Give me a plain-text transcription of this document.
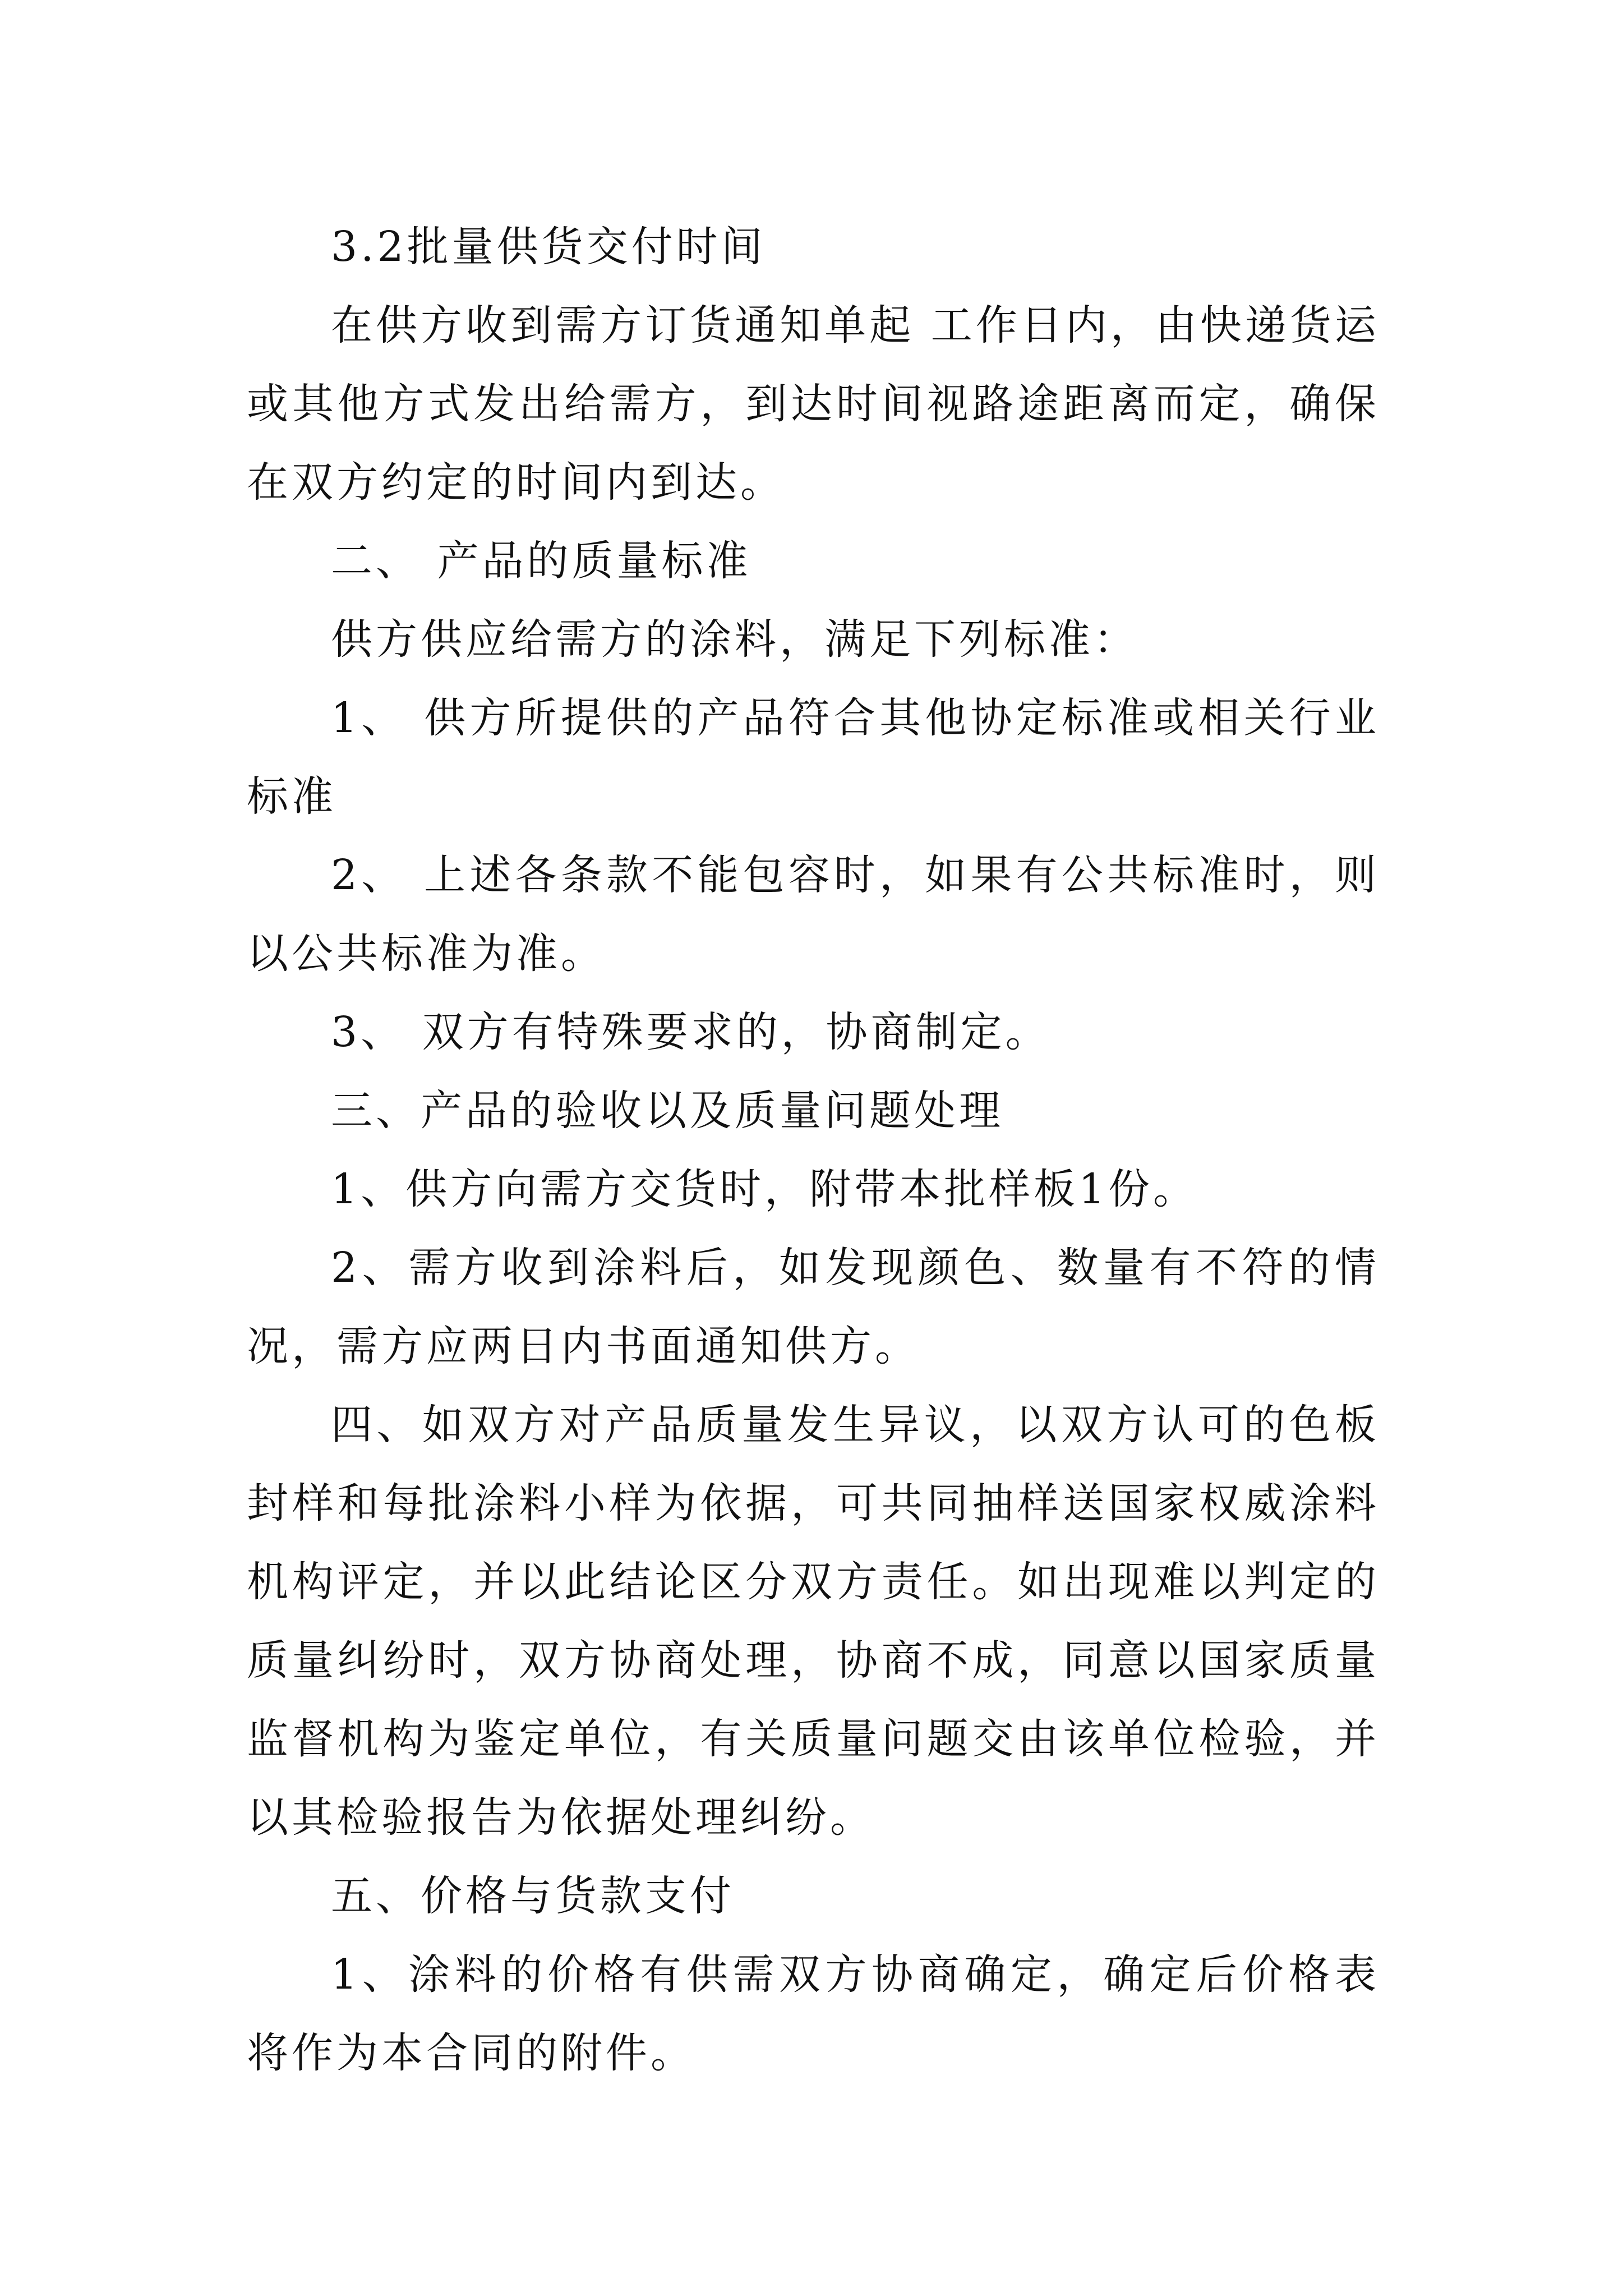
3.2批量供货交付时间

在供方收到需方订货通知单起 工作日内，由快递货运或其他方式发出给需方，到达时间视路途距离而定，确保在双方约定的时间内到达。

二、 产品的质量标准

供方供应给需方的涂料，满足下列标准：

1、 供方所提供的产品符合其他协定标准或相关行业标准

2、 上述各条款不能包容时，如果有公共标准时，则以公共标准为准。

3、 双方有特殊要求的，协商制定。

三、产品的验收以及质量问题处理

1、供方向需方交货时，附带本批样板1份。

2、需方收到涂料后，如发现颜色、数量有不符的情况，需方应两日内书面通知供方。

四、如双方对产品质量发生异议，以双方认可的色板封样和每批涂料小样为依据，可共同抽样送国家权威涂料机构评定，并以此结论区分双方责任。如出现难以判定的质量纠纷时，双方协商处理，协商不成，同意以国家质量监督机构为鉴定单位，有关质量问题交由该单位检验，并以其检验报告为依据处理纠纷。

五、价格与货款支付

1、涂料的价格有供需双方协商确定，确定后价格表将作为本合同的附件。
